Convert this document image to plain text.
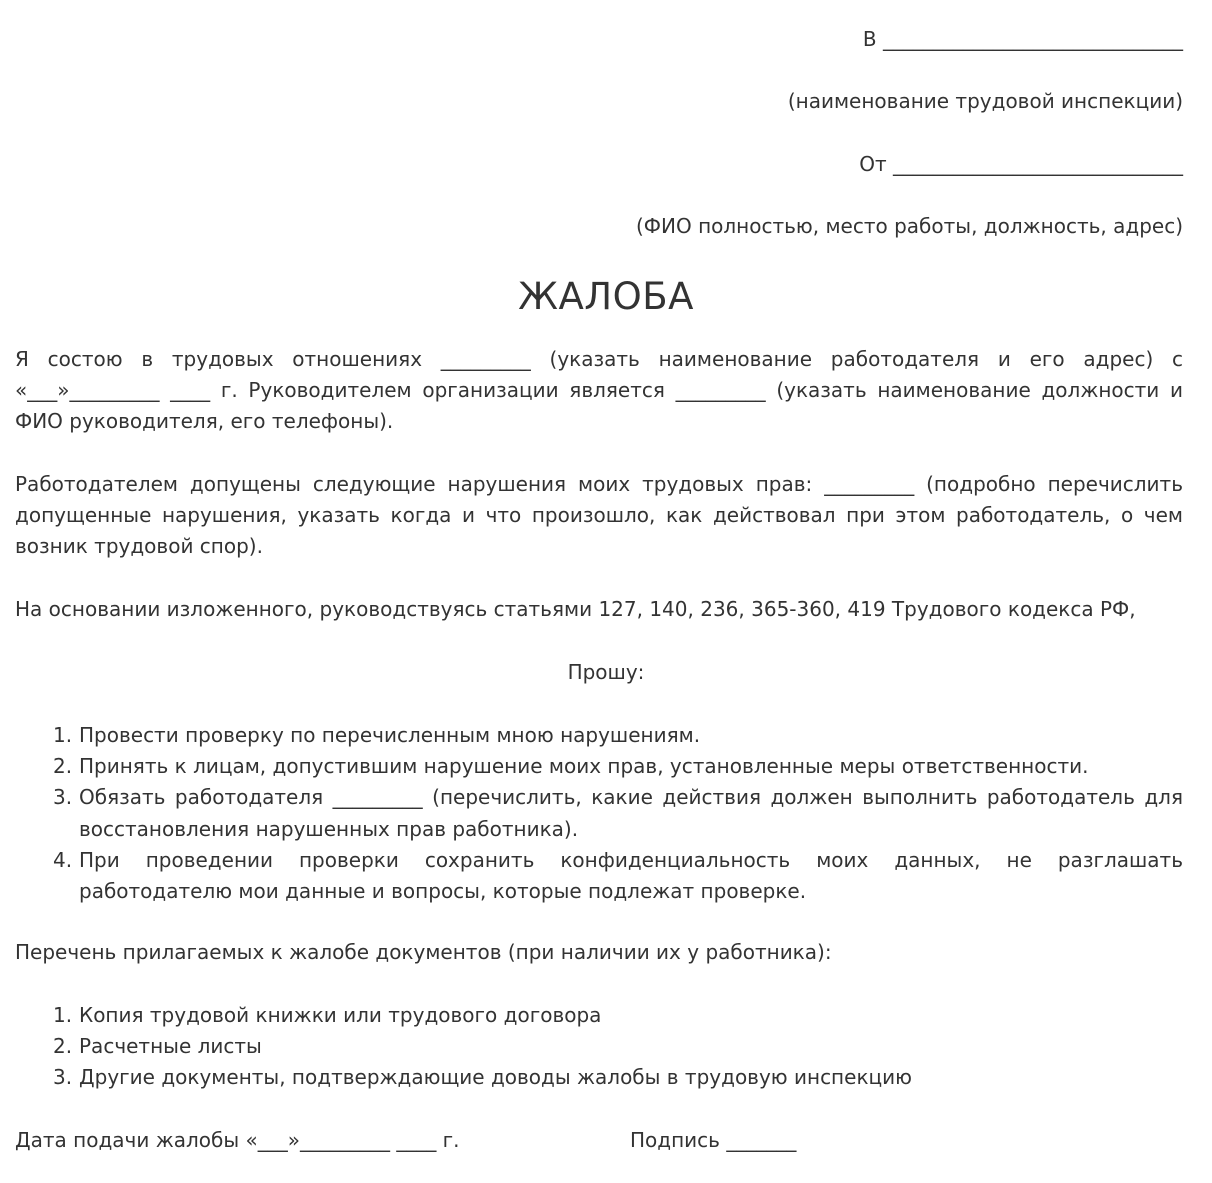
В ______________________________
(наименование трудовой инспекции)
От _____________________________
(ФИО полностью, место работы, должность, адрес)
ЖАЛОБА
Я состою в трудовых отношениях _________ (указать наименование работодателя и его адрес) с «___»_________ ____ г. Руководителем организации является _________ (указать наименование должности и ФИО руководителя, его телефоны).
Работодателем допущены следующие нарушения моих трудовых прав: _________ (подробно перечислить допущенные нарушения, указать когда и что произошло, как действовал при этом работодатель, о чем возник трудовой спор).
На основании изложенного, руководствуясь статьями 127, 140, 236, 365-360, 419 Трудового кодекса РФ,
Прошу:
1. Провести проверку по перечисленным мною нарушениям.
2. Принять к лицам, допустившим нарушение моих прав, установленные меры ответственности.
3. Обязать работодателя _________ (перечислить, какие действия должен выполнить работодатель для восстановления нарушенных прав работника).
4. При проведении проверки сохранить конфиденциальность моих данных, не разглашать работодателю мои данные и вопросы, которые подлежат проверке.
Перечень прилагаемых к жалобе документов (при наличии их у работника):
1. Копия трудовой книжки или трудового договора
2. Расчетные листы
3. Другие документы, подтверждающие доводы жалобы в трудовую инспекцию
Дата подачи жалобы «___»_________ ____ г.	Подпись _______
